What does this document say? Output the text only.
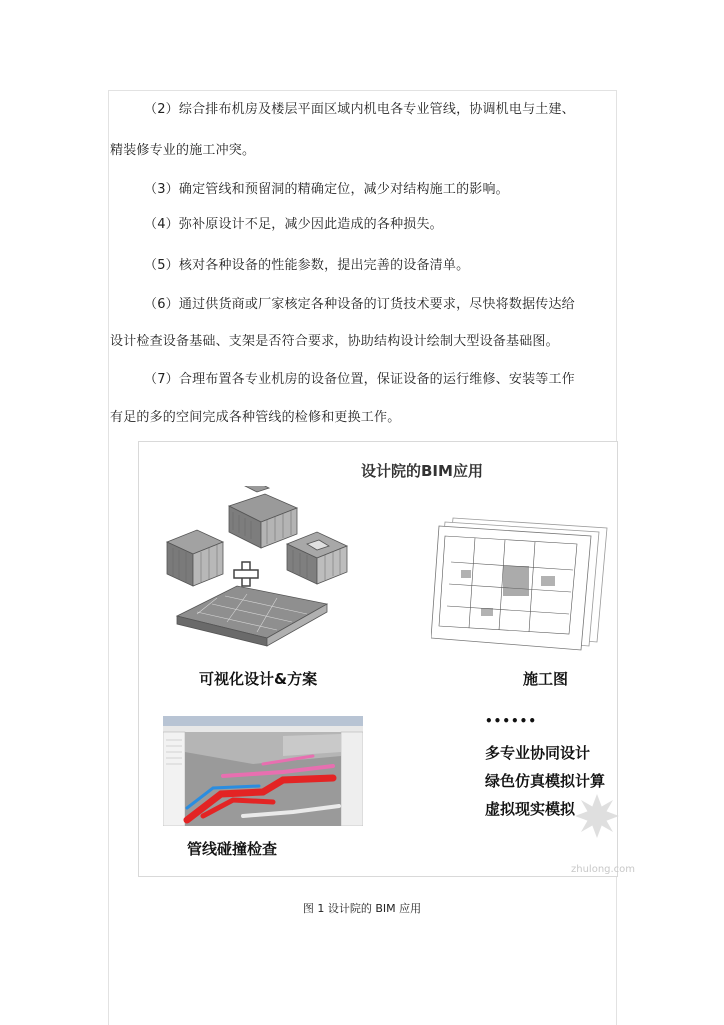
（2）综合排布机房及楼层平面区域内机电各专业管线，协调机电与土建、
精装修专业的施工冲突。
（3）确定管线和预留洞的精确定位，减少对结构施工的影响。
（4）弥补原设计不足，减少因此造成的各种损失。
（5）核对各种设备的性能参数，提出完善的设备清单。
（6）通过供货商或厂家核定各种设备的订货技术要求，尽快将数据传达给
设计检查设备基础、支架是否符合要求，协助结构设计绘制大型设备基础图。
（7）合理布置各专业机房的设备位置，保证设备的运行维修、安装等工作
有足的多的空间完成各种管线的检修和更换工作。
设计院的BIM应用
可视化设计&方案	施工图
••••••
多专业协同设计
绿色仿真模拟计算
虚拟现实模拟
管线碰撞检查
zhulong.com
图 1 设计院的 BIM 应用
